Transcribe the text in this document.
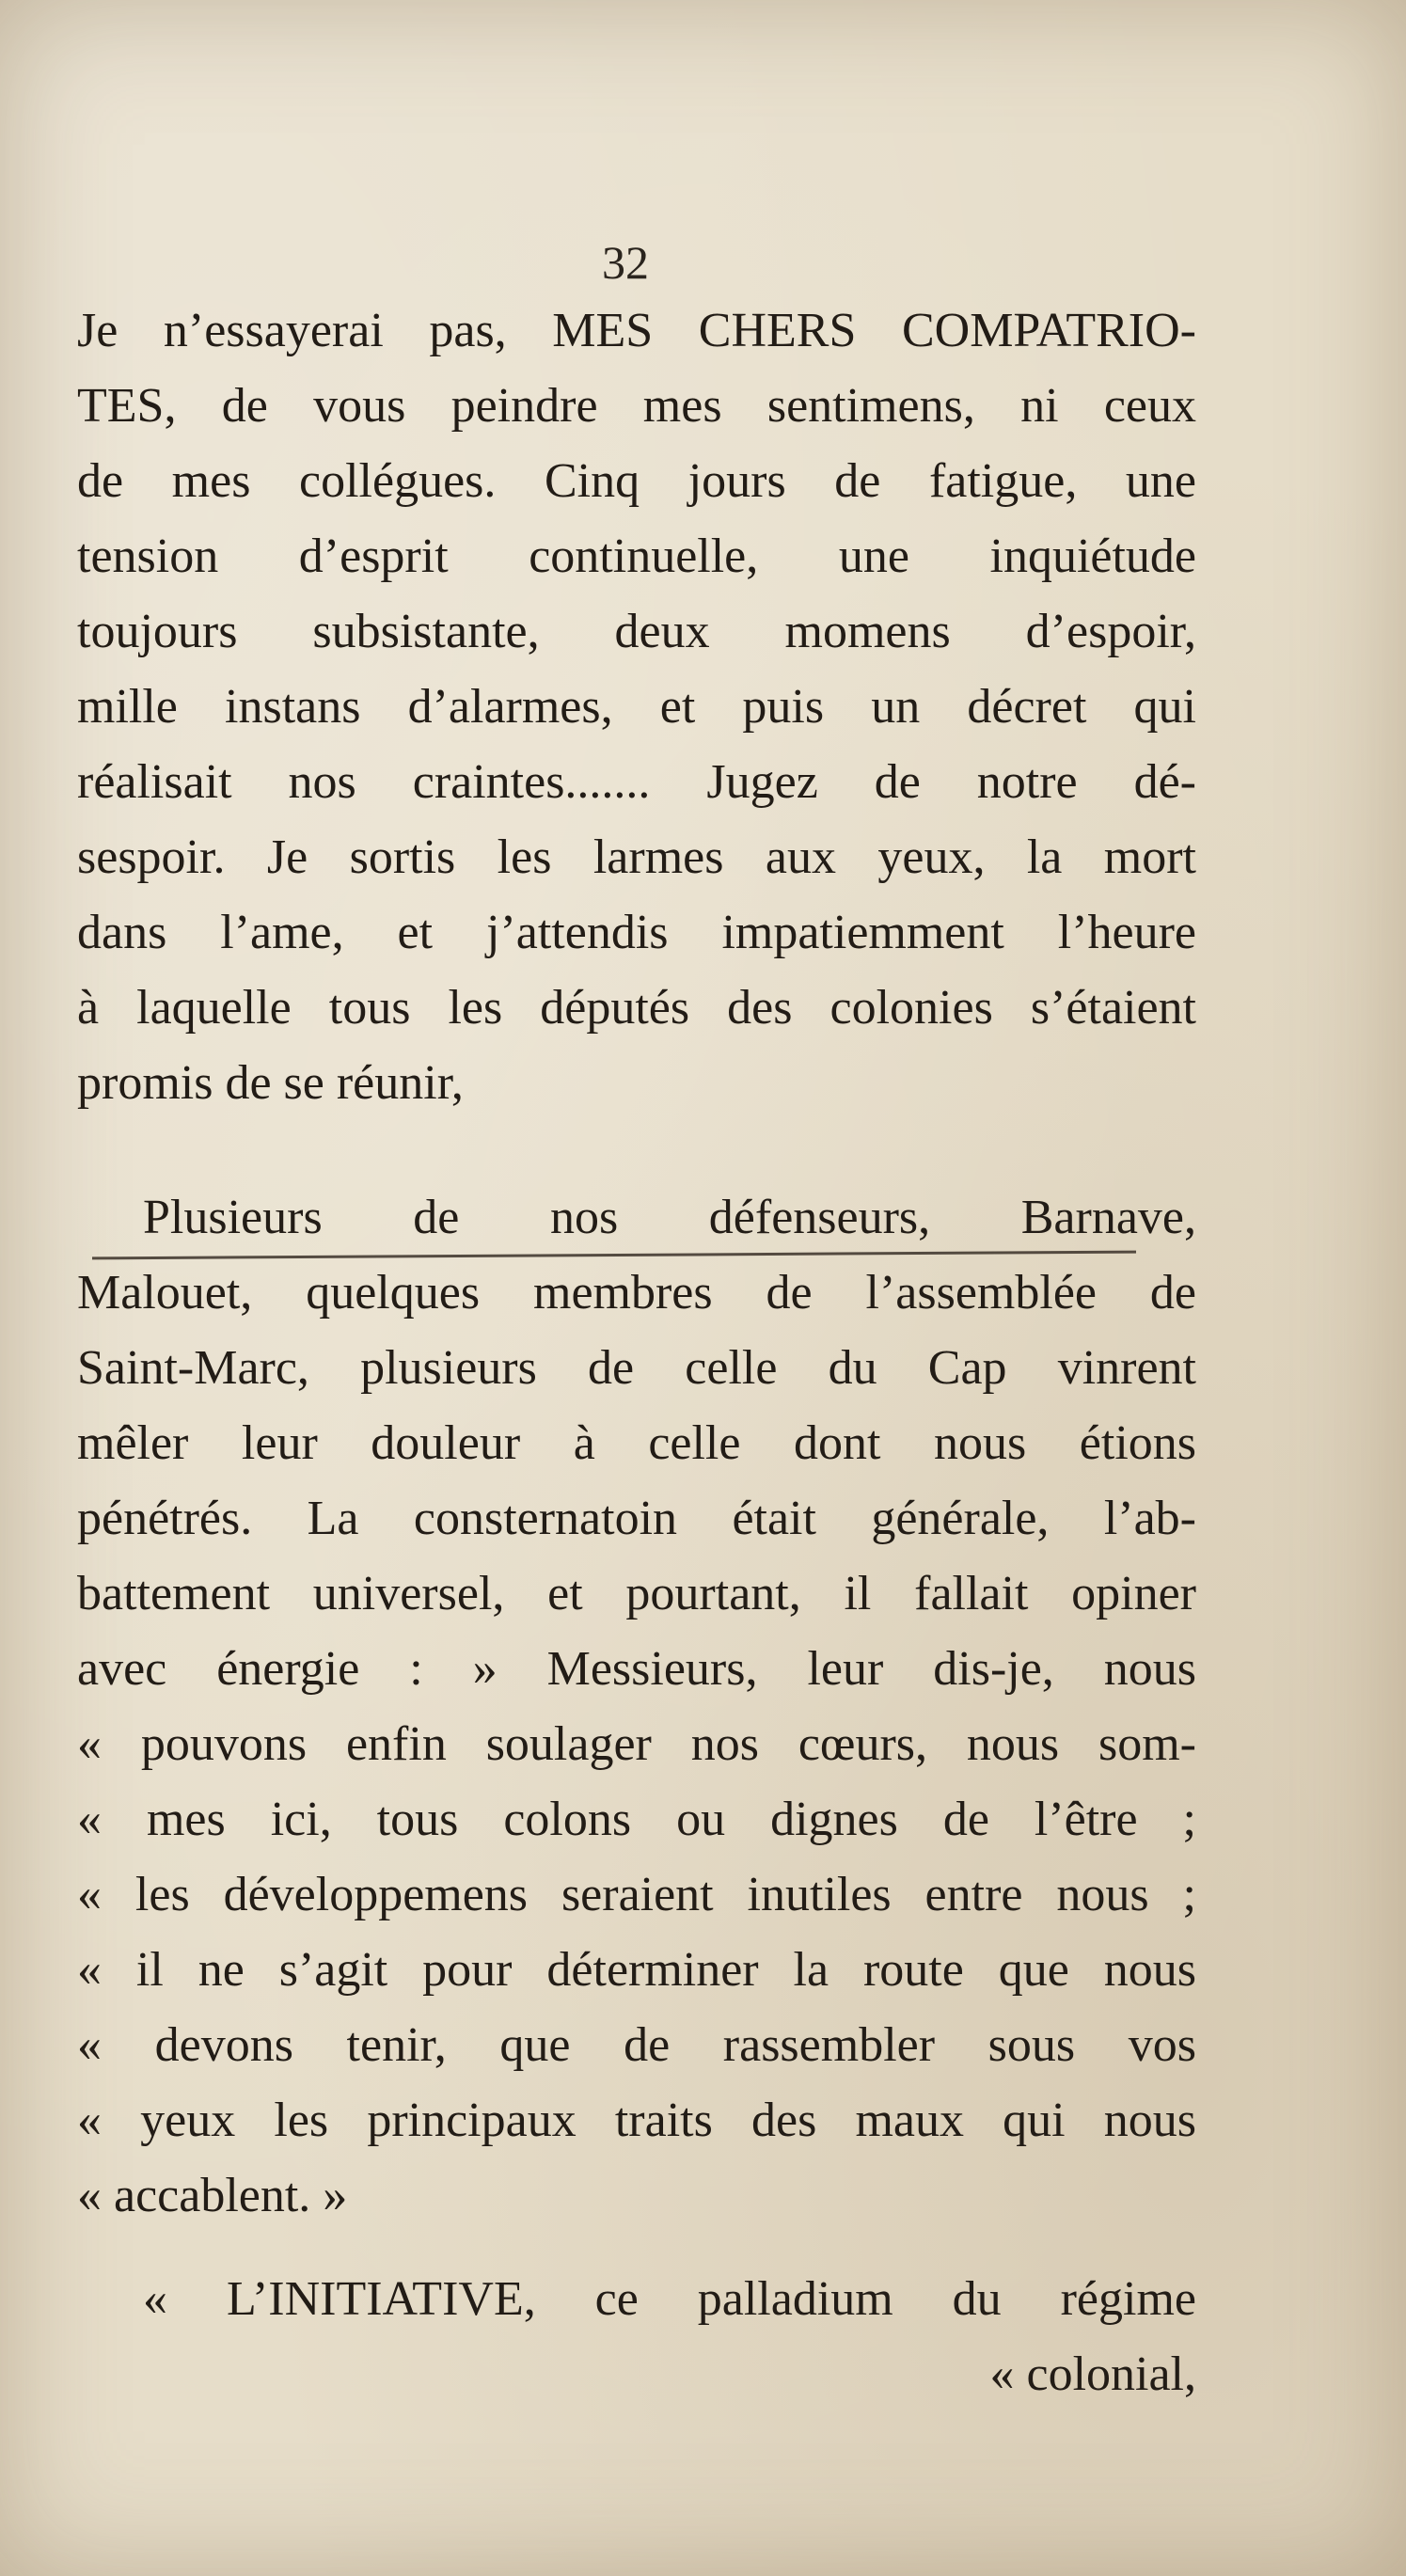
32
Je n’essayerai pas, MES CHERS COMPATRIO-
TES, de vous peindre mes sentimens, ni ceux
de mes collégues. Cinq jours de fatigue, une
tension d’esprit continuelle, une inquiétude
toujours subsistante, deux momens d’espoir,
mille instans d’alarmes, et puis un décret qui
réalisait nos craintes....... Jugez de notre dé-
sespoir. Je sortis les larmes aux yeux, la mort
dans l’ame, et j’attendis impatiemment l’heure
à laquelle tous les députés des colonies s’étaient
promis de se réunir,
Plusieurs de nos défenseurs, Barnave,
Malouet, quelques membres de l’assemblée de
Saint-Marc, plusieurs de celle du Cap vinrent
mêler leur douleur à celle dont nous étions
pénétrés. La consternatoin était générale, l’ab-
battement universel, et pourtant, il fallait opiner
avec énergie : » Messieurs, leur dis-je, nous
« pouvons enfin soulager nos cœurs, nous som-
« mes ici, tous colons ou dignes de l’être ;
« les développemens seraient inutiles entre nous ;
« il ne s’agit pour déterminer la route que nous
« devons tenir, que de rassembler sous vos
« yeux les principaux traits des maux qui nous
« accablent. »
« L’INITIATIVE, ce palladium du régime
« colonial,
